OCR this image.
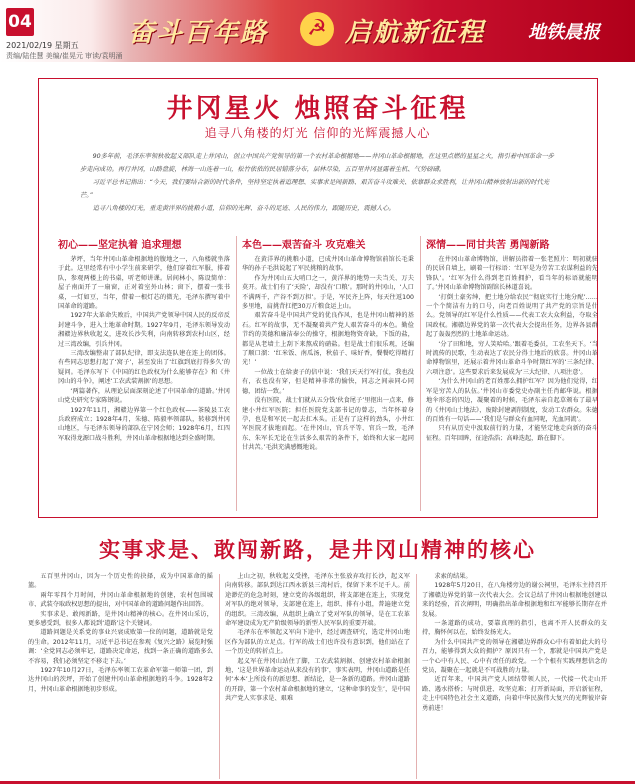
04
2021/02/19 星期五
责编/陆佳慧 美编/崔晃元 审读/袁明涌
奋斗百年路	☭ 启航新征程 地铁晨报
井冈星火 烛照奋斗征程
追寻八角楼的灯光 信仰的光辉震撼人心

90多年前，毛泽东率领秋收起义部队走上井冈山，创立中国共产党领导的第一个农村革命根据地——井冈山革命根据地，在这里点燃的星星之火，指引着中国革命一步步走向成功。再行井冈，山路盘旋，林海一山连着一山，松竹依依的民居错落分布，层林尽染，五百里井冈显露着生机、气势磅礴。

习近平总书记指出：“今天，我们要结合新的时代条件，坚持坚定执着追理想、实事求是闯新路、艰苦奋斗攻难关、依靠群众求胜利，让井冈山精神放射出新的时代光芒。”

追寻八角楼的灯光，重走黄洋界的挑粮小道，信仰的光辉、奋斗的足迹、人民的伟力，跟随历史，震撼人心。

初心——坚定执着 追求理想

茅坪，当年井冈山革命根据地的腹地之一，八角楼就坐落于此。这里经常有中小学生前来研学，他们穿着红军服，排着队，参观两楼上的书桌，听老师讲课。居间林小，陈设简单：屋子南面开了一扇窗，正对着室外山林；窗下，摆着一张书桌，一灯如豆，当年，借着一根灯芯的微光，毛泽东撰写着中国革命的道路。

1927年大革命失败后，中国共产党领导中国人民的反帝反封建斗争，进入土地革命时期。1927年9月，毛泽东领导发动湘赣边界秋收起义，进攻长沙失利，向南转移到农村山区，经过三湾改编，引兵井冈。

三湾改编整肃了部队纪律，即支法连队建在连上的团体。有些同志思想打起了‘窝子’，甚至发出了‘红旗到底打得多久’的疑问。毛泽东写下《中国的红色政权为什么能够存在》和《井冈山的斗争》，阐述‘工农武装割据’的思想。

‘两篇著作，从理论层面深刻论述了中国革命的道路。’井冈山党史研究专家陈钢说。

1927年11月，湘赣边界第一个红色政权——茶陵县工农兵政府成立；1928年4月，朱德、陈毅率领部队，转移到井冈山地区，与毛泽东领导的部队在宁冈会师；1928年6月，红四军取得龙源口战斗胜利，井冈山革命根据地达到全盛时期。

本色——艰苦奋斗 攻克难关

在黄洋界的挑粮小道，已成井冈山革命博物馆前馆长毛秉华的孙子毛洪说起了军民挑粮的故事。

作为井冈山五大哨口之一，黄洋界的地势一夫当关、万夫莫开。战士们有了‘天险’，却没有‘口粮’。那时的井冈山，‘人口不满两千，产谷不到万担’。于是，军民齐上阵，每天往返100多里地，肩挑背扛把30万斤粮食运上山。

艰苦奋斗是中国共产党的优良作风，也是井冈山精神的基石。红军的故事，无不凝聚着共产党人艰苦奋斗的本色。勤俭节约的美德和廉洁奉公的操守，根据地物资奇缺，下饭的盐，都是从老墙土上刮下来熬成的硝盐。但是战士们很乐观，还编了顺口溜：‘红米饭、南瓜汤，秋茄子、味好香，餐餐吃得精打光！’

一位战士在给妻子的信中说：‘我们天天行军打仗，我也没有，衣也没有穿，但是精神非常的愉快，同志之间亲同心同德，团结一致。’

没有医院，战士们就从五分钱‘伙食尾子’里抠出一点来，修建小井红军医院；担任医院党支部书记的曾志，当年怀着身孕，也是和军民一起去扛木头。正是有了这样的劲头，小井红军医院才拔地而起。‘在井冈山，官兵平等、官兵一致，毛泽东、朱军长无论在生活多么艰苦的条件下，始终和大家一起同甘共苦。’毛洪充满感慨地说。

深情——同甘共苦 勇闯新路

在井冈山革命博物馆，讲解员指着一张老照片：明初就驻的民居自墙上，刷着一行标语：‘红军是为劳苦工农谋利益的先锋队’。‘红军为什么得到老百姓拥护，看当年的标语就能明了。’井冈山革命博物馆副馆长林道喜说。

‘打倒土豪劣绅，把土地分给农民’‘彻底实行土地分配’……一个个简洁有力的口号，向老百姓说明了共产党的宗旨是什么。党领导的红军是什么性质——代表工农大众利益，夺取全国政权。湘赣边界党的第一次代表大会提出任务，边界各县群起了轰轰烈烈的土地革命运动。

‘分了田和地，穷人笑哈哈。’跟着毛委员，工农坐天下。‘当时流传的民歌，生动表达了农民分得土地后的欣喜。井冈山革命博物馆里，还展示着井冈山革命斗争时期红军的‘三条纪律、六项注意’。这些要求后来发展成为‘三大纪律、八项注意’。

‘为什么井冈山的老百姓那么拥护红军？因为他们觉得，红军是穷苦人的队伍。’井冈山市委党史办副主任肖邮华说。根据地伞形态的四边，凝聚着的时候，毛泽东亲自起草颁布了最早的《井冈山土地法》，废除封建剥削制度，发动工农群众。朱德的百姓有一句话——‘我们是与群众有血同呢，光血同流’。

只有从历史中汲取前行的力量，才能坚定地走向新的奋斗征程。百年回眸，征途浩浩；高峰迭起，路在脚下。

实事求是、敢闯新路，是井冈山精神的核心

五百里井冈山，因为一个历史性的抉择，成为中国革命的摇篮。

兩年零四个月时间，井冈山革命根据地的创建，农村包围城市、武装夺取政权思想的提出，对中国革命的道路问题作出回答。

实事求是、敢闯新路，是井冈山精神的核心。在井冈山采访，更多感受到，很多人都说到‘道路’这个关键词。

道路问题是关系党的事业兴衰成败第一位的问题，道路就是党的生命。2012年11月，习近平总书记在参观《复兴之路》展览时强调：‘全党同志必须牢记，道路决定命运，找到一条正确的道路多么不容易，我们必须坚定不移走下去。’

1927年10月27日，毛泽东率领工农革命军第一师第一团，到达井冈山的茨坪，开始了创建井冈山革命根据地的斗争。1928年2月，井冈山革命根据地初步形成。

上山之初，秋收起义受挫，毛泽东主张放弃攻打长沙，起义军向南转移。部队到达江西永新县三湾村后，保留下来不足千人。前途渺茫的危急时刻，建立党的各级组织，将支部建在连上，实现党对军队的绝对领导，支部建在连上，组织、排有小组，普遍建立党的组织。三湾改编，从组织上确立了党对军队的领导，是在工农革命军建设成为无产阶级领导的新型人民军队的重要开端。

毛泽东在率领起义军向下途中，经过调查研究，选定井冈山地区作为部队的立足点。行军的战士们也许没有意识到，他们站在了一个历史的转折点上。

起义军在井冈山站住了脚，工农武装割据、创建农村革命根据地，‘这是世界革命运动从来没有的事’，事实表明，井冈山道路是任何‘本本’上所没有的新思想、新结论，是一条新的道路。井冈山道路的开辟，第一个农村革命根据地的建立，‘这种命事的发生’，是中国共产党人实事求是、艰难

求索的结果。

1928年5月20日，在八角楼旁边的谢公祠里，毛泽东主持召开了湘赣边界党的第一次代表大会。会议总结了井冈山根据地创建以来的经验，首次阐明，明确指出革命根据地和红军能够长期存在并发展。

一条道路的成功，要靠真理的指引，也离不开人民群众的支持，胸怀何以在，始终发扬光大。

为什么中国共产党的领导在湘赣边界群众心中有着如此大的号召力，能够得到大众的拥护？原因只有一个，那就是中国共产党是一个心中有人民、心中有责任的政党。一个个根有实践理想信念的党员，凝聚在一起就是不可战胜的力量。

近百年来，中国共产党人团结带领人民，一代接一代走山开路、遇水搭桥；与时俱进、攻坚克难；打开新局面，开启新征程，走上中国特色社会主义道路，向着中华民族伟大复兴的光辉彼岸奋勇前进！
